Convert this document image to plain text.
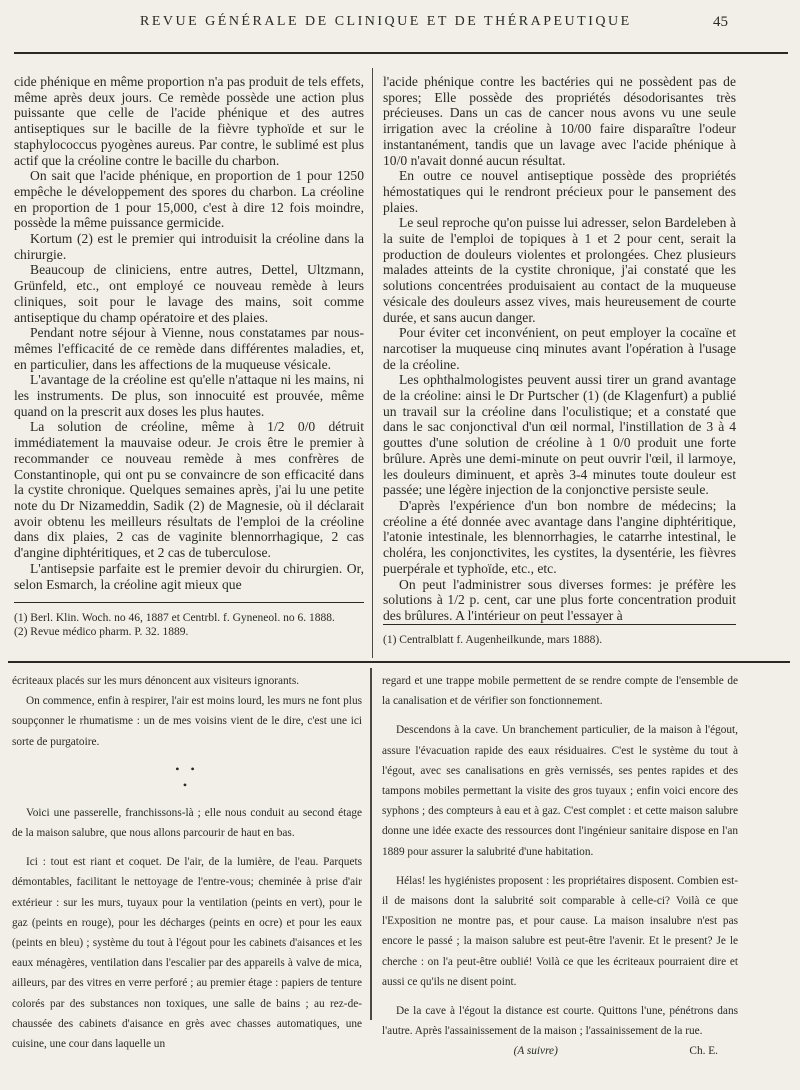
REVUE GÉNÉRALE DE CLINIQUE ET DE THÉRAPEUTIQUE	45

cide phénique en même proportion n'a pas produit de tels effets, même après deux jours. Ce remède possède une action plus puissante que celle de l'acide phénique et des autres antiseptiques sur le bacille de la fièvre typhoïde et sur le staphylococcus pyogènes aureus. Par contre, le sublimé est plus actif que la créoline contre le bacille du charbon.

On sait que l'acide phénique, en proportion de 1 pour 1250 empêche le développement des spores du charbon. La créoline en proportion de 1 pour 15,000, c'est à dire 12 fois moindre, possède la même puissance germicide.

Kortum (2) est le premier qui introduisit la créoline dans la chirurgie.

Beaucoup de cliniciens, entre autres, Dettel, Ultzmann, Grünfeld, etc., ont employé ce nouveau remède à leurs cliniques, soit pour le lavage des mains, soit comme antiseptique du champ opératoire et des plaies.

Pendant notre séjour à Vienne, nous constatames par nous-mêmes l'efficacité de ce remède dans différentes maladies, et, en particulier, dans les affections de la muqueuse vésicale.

L'avantage de la créoline est qu'elle n'attaque ni les mains, ni les instruments. De plus, son innocuité est prouvée, même quand on la prescrit aux doses les plus hautes.

La solution de créoline, même à 1/2 0/0 détruit immédiatement la mauvaise odeur. Je crois être le premier à recommander ce nouveau remède à mes confrères de Constantinople, qui ont pu se convaincre de son efficacité dans la cystite chronique. Quelques semaines après, j'ai lu une petite note du Dr Nizameddin, Sadik (2) de Magnesie, où il déclarait avoir obtenu les meilleurs résultats de l'emploi de la créoline dans dix plaies, 2 cas de vaginite blennorrhagique, 2 cas d'angine diphtéritiques, et 2 cas de tuberculose.

L'antisepsie parfaite est le premier devoir du chirurgien. Or, selon Esmarch, la créoline agit mieux que

l'acide phénique contre les bactéries qui ne possèdent pas de spores; Elle possède des propriétés désodorisantes très précieuses. Dans un cas de cancer nous avons vu une seule irrigation avec la créoline à 10/00 faire disparaître l'odeur instantanément, tandis que un lavage avec l'acide phénique à 10/0 n'avait donné aucun résultat.

En outre ce nouvel antiseptique possède des propriétés hémostatiques qui le rendront précieux pour le pansement des plaies.

Le seul reproche qu'on puisse lui adresser, selon Bardeleben à la suite de l'emploi de topiques à 1 et 2 pour cent, serait la production de douleurs violentes et prolongées. Chez plusieurs malades atteints de la cystite chronique, j'ai constaté que les solutions concentrées produisaient au contact de la muqueuse vésicale des douleurs assez vives, mais heureusement de courte durée, et sans aucun danger.

Pour éviter cet inconvénient, on peut employer la cocaïne et narcotiser la muqueuse cinq minutes avant l'opération à l'usage de la créoline.

Les ophthalmologistes peuvent aussi tirer un grand avantage de la créoline: ainsi le Dr Purtscher (1) (de Klagenfurt) a publié un travail sur la créoline dans l'oculistique; et a constaté que dans le sac conjonctival d'un œil normal, l'instillation de 3 à 4 gouttes d'une solution de créoline à 1 0/0 produit une forte brûlure. Après une demi-minute on peut ouvrir l'œil, il larmoye, les douleurs diminuent, et après 3-4 minutes toute douleur est passée; une légère injection de la conjonctive persiste seule.

D'après l'expérience d'un bon nombre de médecins; la créoline a été donnée avec avantage dans l'angine diphtéritique, l'atonie intestinale, les blennorrhagies, le catarrhe intestinal, le choléra, les conjonctivites, les cystites, la dysentérie, les fièvres puerpérale et typhoïde, etc., etc.

On peut l'administrer sous diverses formes: je préfère les solutions à 1/2 p. cent, car une plus forte concentration produit des brûlures. A l'intérieur on peut l'essayer à

(1) Berl. Klin. Woch. no 46, 1887 et Centrbl. f. Gyneneol. no 6. 1888.
(2) Revue médico pharm. P. 32. 1889.
(1) Centralblatt f. Augenheilkunde, mars 1888).

écriteaux placés sur les murs dénoncent aux visiteurs ignorants.

On commence, enfin à respirer, l'air est moins lourd, les murs ne font plus soupçonner le rhumatisme : un de mes voisins vient de le dire, c'est une ici sorte de purgatoire.

• •
•

Voici une passerelle, franchissons-là ; elle nous conduit au second étage de la maison salubre, que nous allons parcourir de haut en bas.

Ici : tout est riant et coquet. De l'air, de la lumière, de l'eau. Parquets démontables, facilitant le nettoyage de l'entre-vous; cheminée à prise d'air extérieur : sur les murs, tuyaux pour la ventilation (peints en vert), pour le gaz (peints en rouge), pour les décharges (peints en ocre) et pour les eaux (peints en bleu) ; système du tout à l'égout pour les cabinets d'aisances et les eaux ménagères, ventilation dans l'escalier par des appareils à valve de mica, ailleurs, par des vitres en verre perforé ; au premier étage : papiers de tenture colorés par des substances non toxiques, une salle de bains ; au rez-de-chaussée des cabinets d'aisance en grès avec chasses automatiques, une cuisine, une cour dans laquelle un

regard et une trappe mobile permettent de se rendre compte de l'ensemble de la canalisation et de vérifier son fonctionnement.

Descendons à la cave. Un branchement particulier, de la maison à l'égout, assure l'évacuation rapide des eaux résiduaires. C'est le système du tout à l'égout, avec ses canalisations en grès vernissés, ses pentes rapides et des tampons mobiles permettant la visite des gros tuyaux ; enfin voici encore des syphons ; des compteurs à eau et à gaz. C'est complet : et cette maison salubre donne une idée exacte des ressources dont l'ingénieur sanitaire dispose en l'an 1889 pour assurer la salubrité d'une habitation.

Hélas! les hygiénistes proposent : les propriétaires disposent. Combien est-il de maisons dont la salubrité soit comparable à celle-ci? Voilà ce que l'Exposition ne montre pas, et pour cause. La maison insalubre n'est pas encore le passé ; la maison salubre est peut-être l'avenir. Et le present? Je le cherche : on l'a peut-être oublié! Voilà ce que les écriteaux pourraient dire et aussi ce qu'ils ne disent point.

De la cave à l'égout la distance est courte. Quittons l'une, pénétrons dans l'autre. Après l'assainissement de la maison ; l'assainissement de la rue.

(A suivre)	Ch. E.
